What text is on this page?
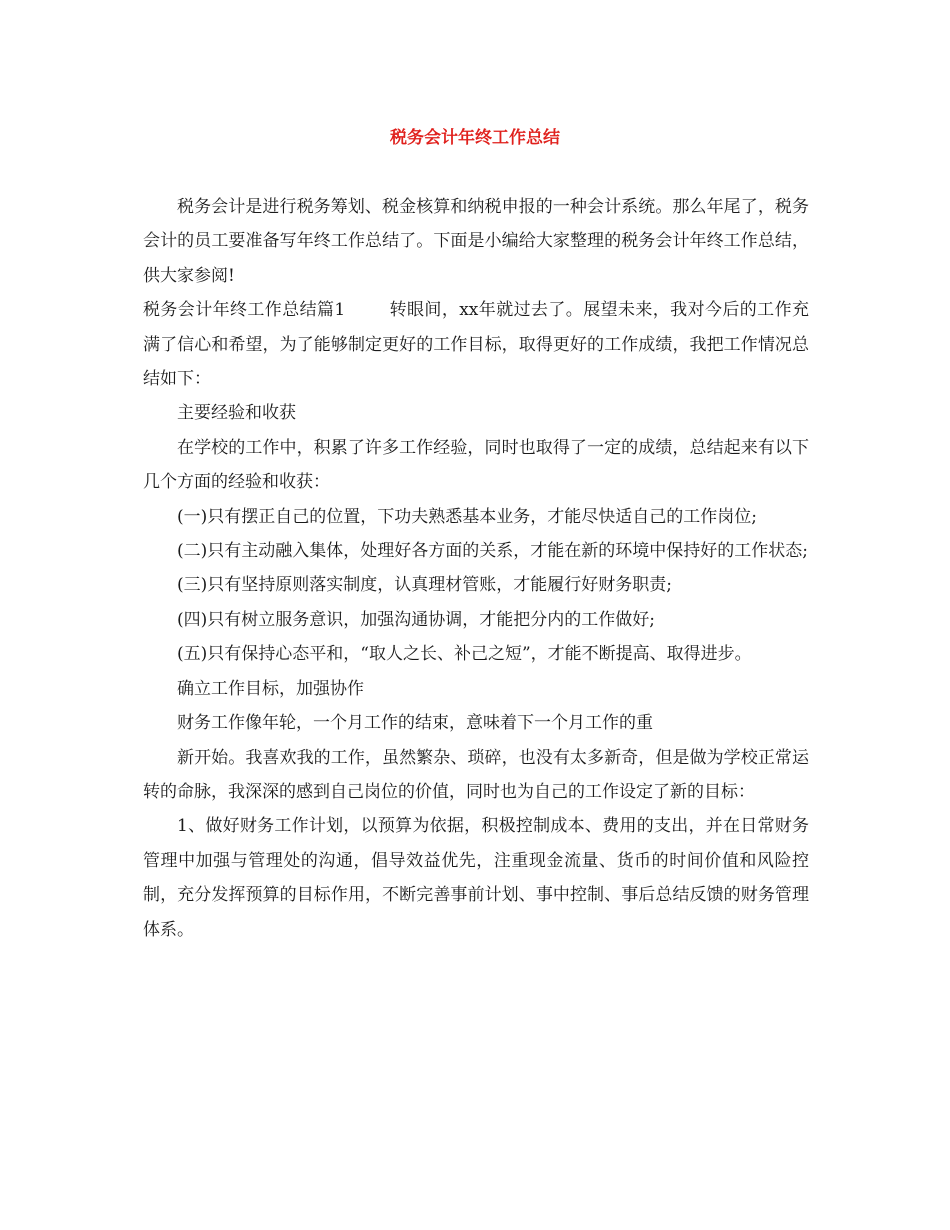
税务会计年终工作总结

税务会计是进行税务筹划、税金核算和纳税申报的一种会计系统。那么年尾了，税务会计的员工要准备写年终工作总结了。下面是小编给大家整理的税务会计年终工作总结，供大家参阅!

税务会计年终工作总结篇1	转眼间，xx年就过去了。展望未来，我对今后的工作充满了信心和希望，为了能够制定更好的工作目标，取得更好的工作成绩，我把工作情况总结如下：

主要经验和收获

在学校的工作中，积累了许多工作经验，同时也取得了一定的成绩，总结起来有以下几个方面的经验和收获：

(一)只有摆正自己的位置，下功夫熟悉基本业务，才能尽快适自己的工作岗位;

(二)只有主动融入集体，处理好各方面的关系，才能在新的环境中保持好的工作状态;

(三)只有坚持原则落实制度，认真理材管账，才能履行好财务职责;

(四)只有树立服务意识，加强沟通协调，才能把分内的工作做好;

(五)只有保持心态平和，“取人之长、补己之短”，才能不断提高、取得进步。

确立工作目标，加强协作

财务工作像年轮，一个月工作的结束，意味着下一个月工作的重

新开始。我喜欢我的工作，虽然繁杂、琐碎，也没有太多新奇，但是做为学校正常运转的命脉，我深深的感到自己岗位的价值，同时也为自己的工作设定了新的目标：

1、做好财务工作计划，以预算为依据，积极控制成本、费用的支出，并在日常财务管理中加强与管理处的沟通，倡导效益优先，注重现金流量、货币的时间价值和风险控制，充分发挥预算的目标作用，不断完善事前计划、事中控制、事后总结反馈的财务管理体系。
